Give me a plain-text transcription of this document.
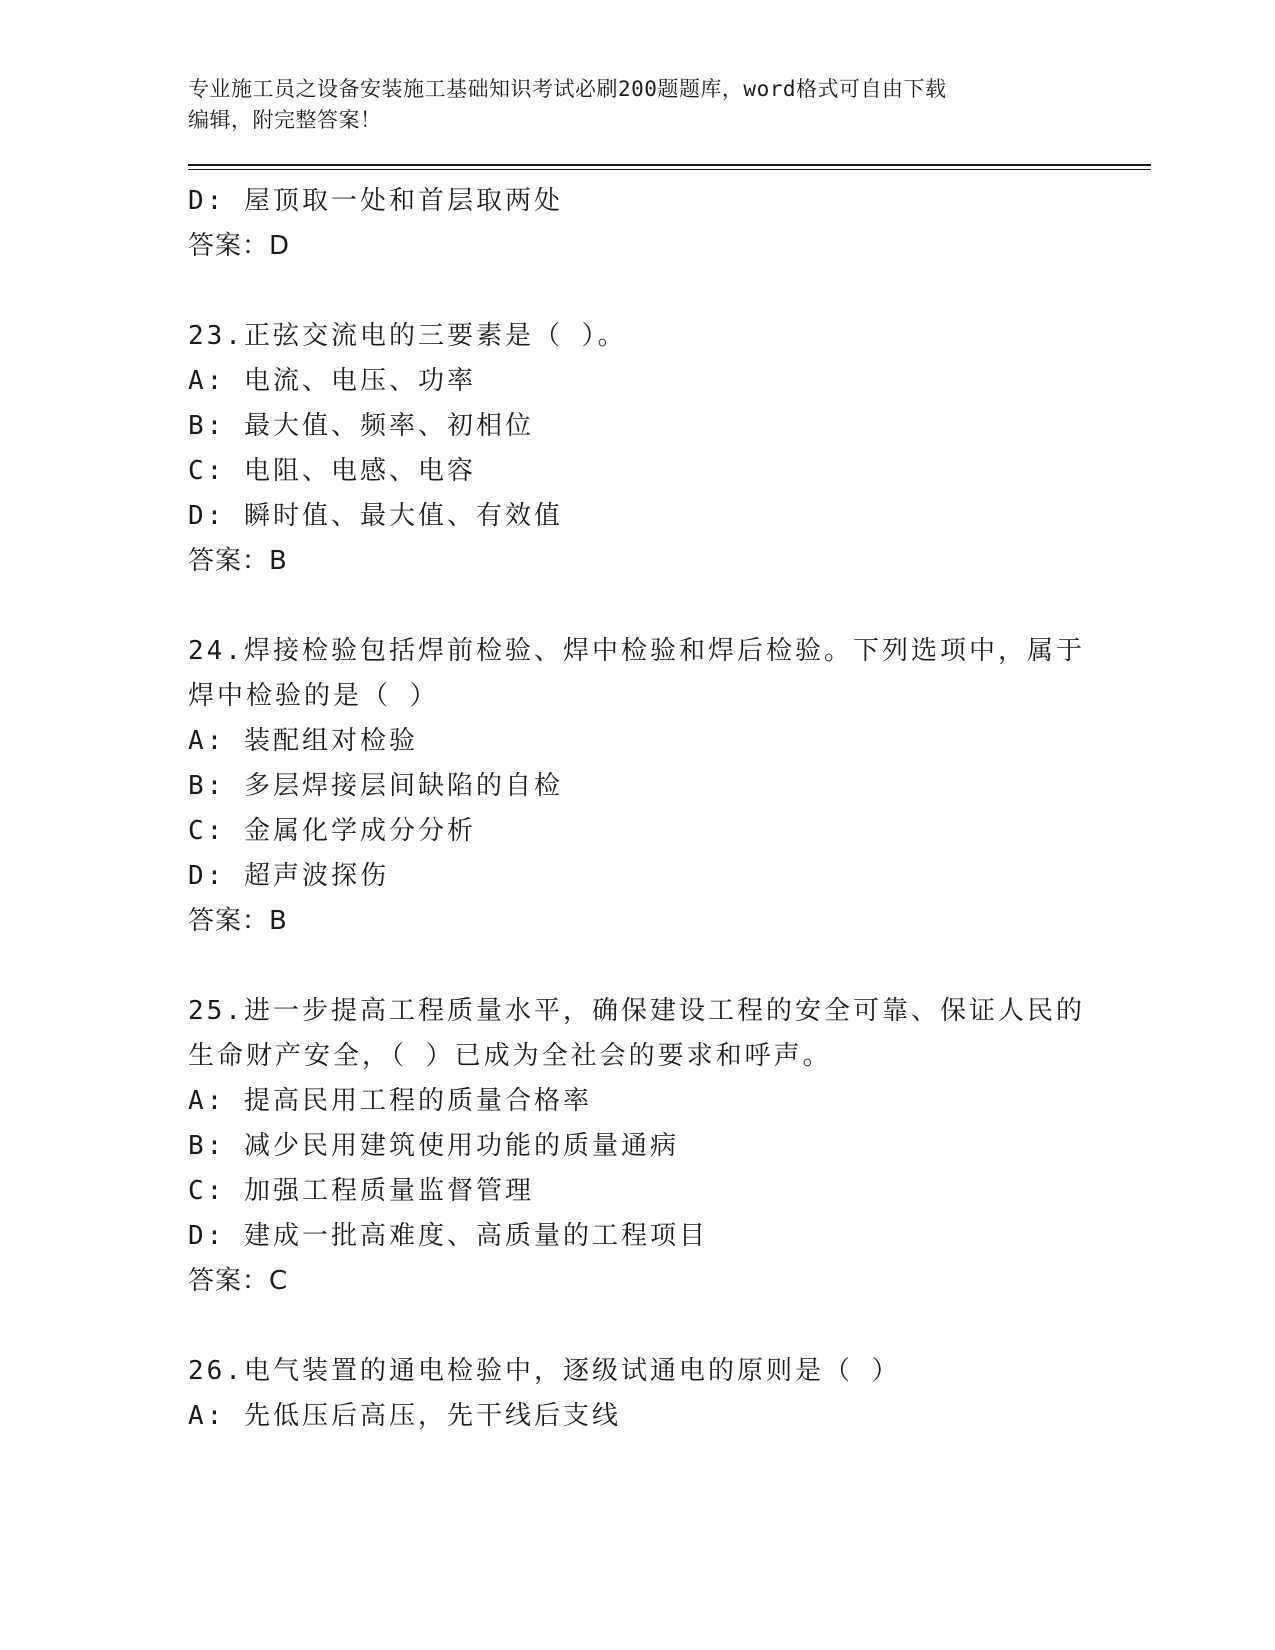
专业施工员之设备安装施工基础知识考试必刷200题题库，word格式可自由下载
编辑，附完整答案！
D: 屋顶取一处和首层取两处
答案：D
23.正弦交流电的三要素是（ ）。
A: 电流、电压、功率
B: 最大值、频率、初相位
C: 电阻、电感、电容
D: 瞬时值、最大值、有效值
答案：B
24.焊接检验包括焊前检验、焊中检验和焊后检验。下列选项中，属于
焊中检验的是（ ）
A: 装配组对检验
B: 多层焊接层间缺陷的自检
C: 金属化学成分分析
D: 超声波探伤
答案：B
25.进一步提高工程质量水平，确保建设工程的安全可靠、保证人民的
生命财产安全，（ ）已成为全社会的要求和呼声。
A: 提高民用工程的质量合格率
B: 减少民用建筑使用功能的质量通病
C: 加强工程质量监督管理
D: 建成一批高难度、高质量的工程项目
答案：C
26.电气装置的通电检验中，逐级试通电的原则是（ ）
A: 先低压后高压，先干线后支线
